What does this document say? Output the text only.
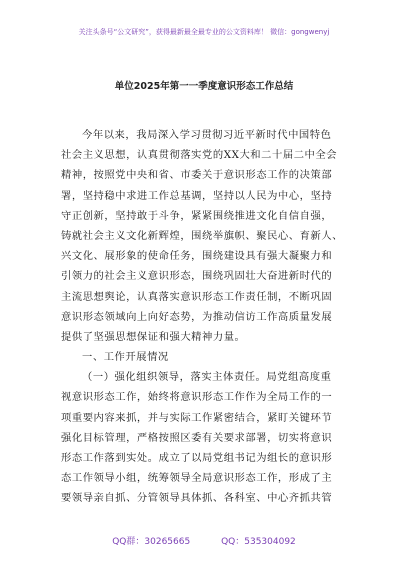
关注头条号“公文研究”，获得最新最全最专业的公文资料库！ 微信：gongwenyj
单位2025年第一一季度意识形态工作总结
今年以来，我局深入学习贯彻习近平新时代中国特色
社会主义思想，认真贯彻落实党的XX大和二十届二中全会
精神，按照党中央和省、市委关于意识形态工作的决策部
署，坚持稳中求进工作总基调，坚持以人民为中心，坚持
守正创新，坚持敢于斗争，紧紧围绕推进文化自信自强，
铸就社会主义文化新辉煌，围绕举旗帜、聚民心、育新人、
兴文化、展形象的使命任务，围绕建设具有强大凝聚力和
引领力的社会主义意识形态，围绕巩固壮大奋进新时代的
主流思想舆论，认真落实意识形态工作责任制，不断巩固
意识形态领域向上向好态势，为推动信访工作高质量发展
提供了坚强思想保证和强大精神力量。
一、工作开展情况
（一）强化组织领导，落实主体责任。局党组高度重
视意识形态工作，始终将意识形态工作作为全局工作的一
项重要内容来抓，并与实际工作紧密结合，紧盯关键环节
强化目标管理，严格按照区委有关要求部署，切实将意识
形态工作落到实处。成立了以局党组书记为组长的意识形
态工作领导小组，统筹领导全局意识形态工作，形成了主
要领导亲自抓、分管领导具体抓、各科室、中心齐抓共管
QQ群：30265665	QQ：535304092
